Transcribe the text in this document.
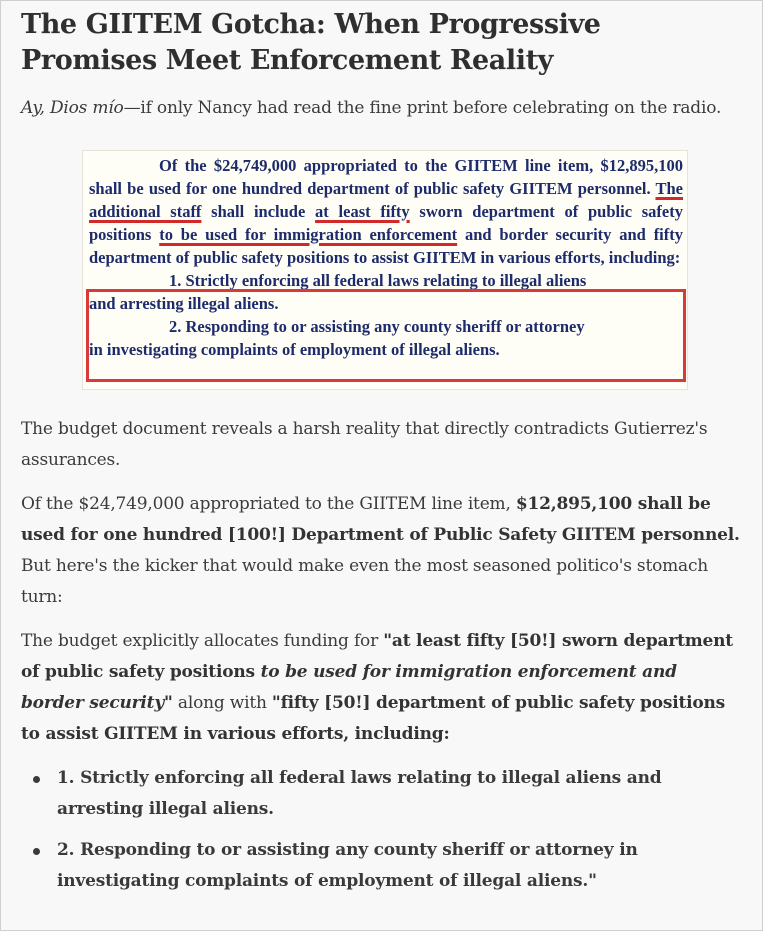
The GIITEM Gotcha: When Progressive Promises Meet Enforcement Reality

Ay, Dios mío—if only Nancy had read the fine print before celebrating on the radio.

Of the $24,749,000 appropriated to the GIITEM line item, $12,895,100 shall be used for one hundred department of public safety GIITEM personnel. The additional staff shall include at least fifty sworn department of public safety positions to be used for immigration enforcement and border security and fifty department of public safety positions to assist GIITEM in various efforts, including:
1. Strictly enforcing all federal laws relating to illegal aliens
and arresting illegal aliens.
2. Responding to or assisting any county sheriff or attorney
in investigating complaints of employment of illegal aliens.

The budget document reveals a harsh reality that directly contradicts Gutierrez's assurances.

Of the $24,749,000 appropriated to the GIITEM line item, $12,895,100 shall be used for one hundred [100!] Department of Public Safety GIITEM personnel. But here's the kicker that would make even the most seasoned politico's stomach turn:

The budget explicitly allocates funding for "at least fifty [50!] sworn department of public safety positions to be used for immigration enforcement and border security" along with "fifty [50!] department of public safety positions to assist GIITEM in various efforts, including:

1. Strictly enforcing all federal laws relating to illegal aliens and arresting illegal aliens.
2. Responding to or assisting any county sheriff or attorney in investigating complaints of employment of illegal aliens."
